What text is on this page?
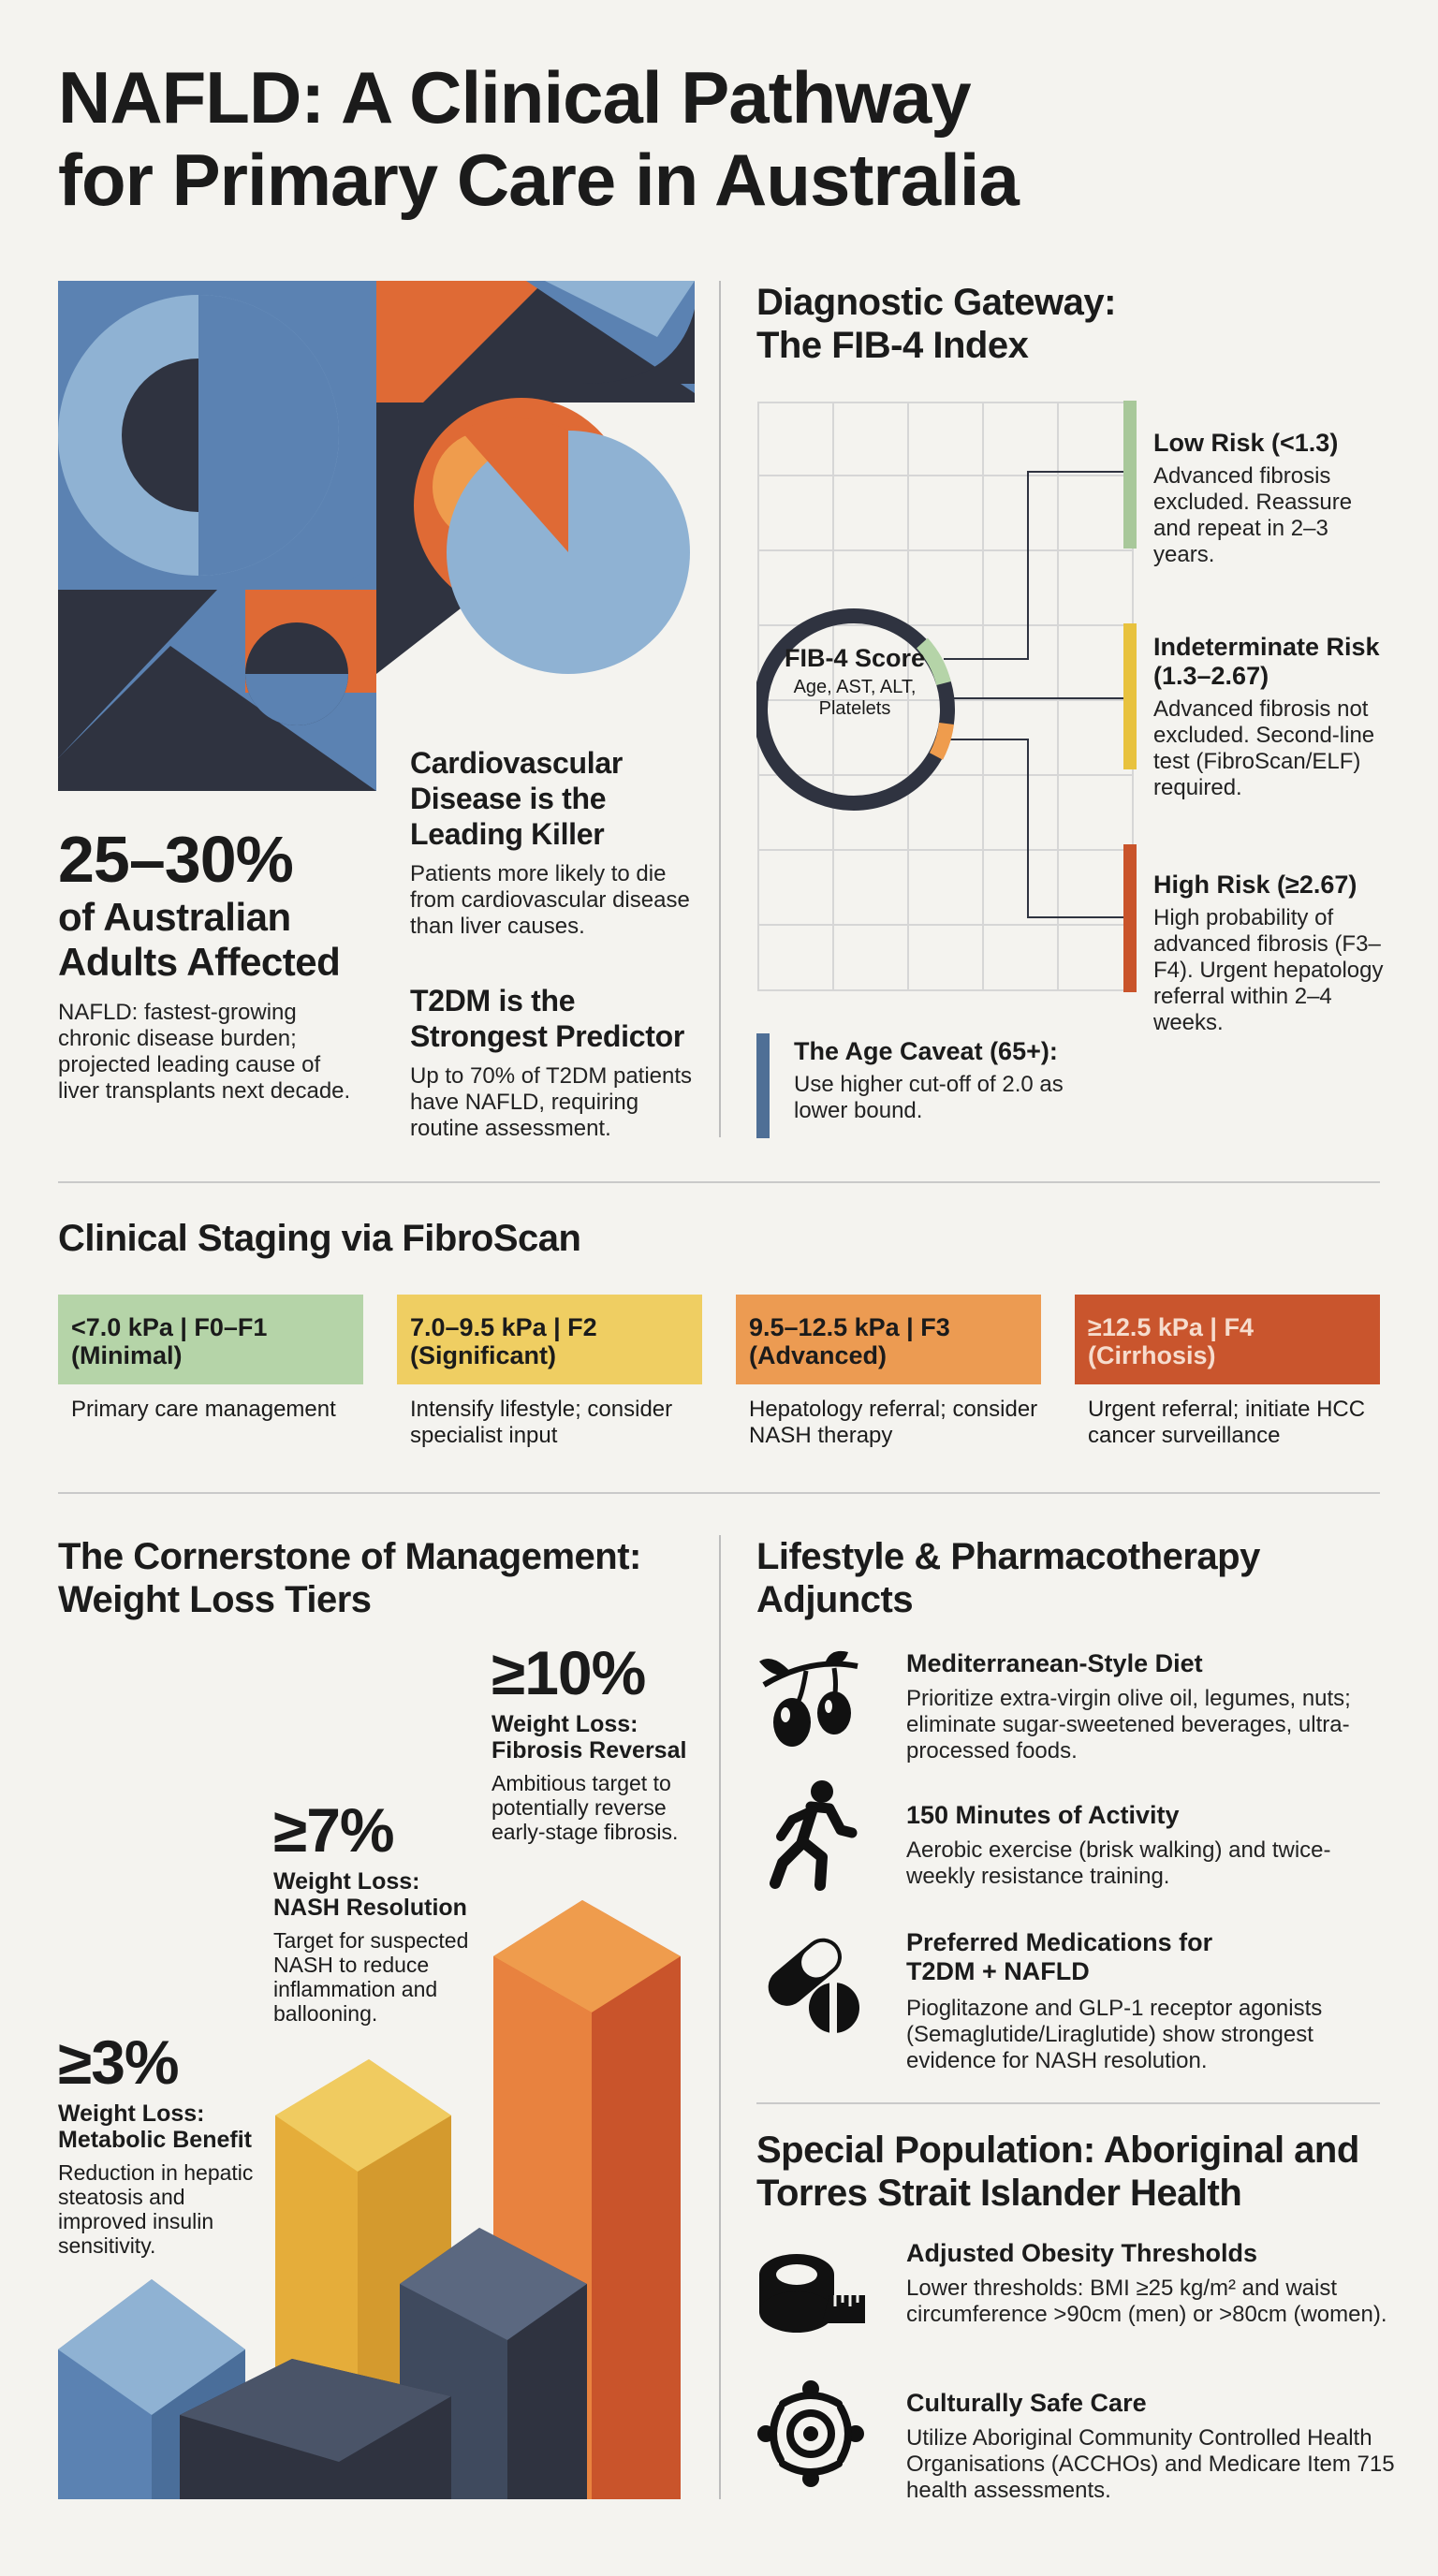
NAFLD: A Clinical Pathway
for Primary Care in Australia
25–30%
of Australian
Adults Affected
NAFLD: fastest-growing chronic disease burden; projected leading cause of liver transplants next decade.
Cardiovascular Disease is the Leading Killer
Patients more likely to die from cardiovascular disease than liver causes.
T2DM is the Strongest Predictor
Up to 70% of T2DM patients have NAFLD, requiring routine assessment.
Diagnostic Gateway:
The FIB-4 Index
FIB-4 Score
Age, AST, ALT, Platelets
Low Risk (<1.3)
Advanced fibrosis excluded. Reassure and repeat in 2–3 years.
Indeterminate Risk (1.3–2.67)
Advanced fibrosis not excluded. Second-line test (FibroScan/ELF) required.
High Risk (≥2.67)
High probability of advanced fibrosis (F3–F4). Urgent hepatology referral within 2–4 weeks.
The Age Caveat (65+):
Use higher cut-off of 2.0 as lower bound.
Clinical Staging via FibroScan
<7.0 kPa | F0–F1
(Minimal)
7.0–9.5 kPa | F2
(Significant)
9.5–12.5 kPa | F3
(Advanced)
≥12.5 kPa | F4
(Cirrhosis)
Primary care management	Intensify lifestyle; consider specialist input
Hepatology referral; consider NASH therapy
Urgent referral; initiate HCC cancer surveillance
The Cornerstone of Management:
Weight Loss Tiers
≥3%
Weight Loss:
Metabolic Benefit
Reduction in hepatic steatosis and improved insulin sensitivity.
≥7%
Weight Loss:
NASH Resolution
Target for suspected NASH to reduce inflammation and ballooning.
≥10%
Weight Loss:
Fibrosis Reversal
Ambitious target to potentially reverse early-stage fibrosis.
Lifestyle & Pharmacotherapy
Adjuncts
Mediterranean-Style Diet
Prioritize extra-virgin olive oil, legumes, nuts; eliminate sugar-sweetened beverages, ultra-processed foods.
150 Minutes of Activity
Aerobic exercise (brisk walking) and twice-weekly resistance training.
Preferred Medications for T2DM + NAFLD
Pioglitazone and GLP-1 receptor agonists (Semaglutide/Liraglutide) show strongest evidence for NASH resolution.
Special Population: Aboriginal and
Torres Strait Islander Health
Adjusted Obesity Thresholds
Lower thresholds: BMI ≥25 kg/m² and waist circumference >90cm (men) or >80cm (women).
Culturally Safe Care
Utilize Aboriginal Community Controlled Health Organisations (ACCHOs) and Medicare Item 715 health assessments.
